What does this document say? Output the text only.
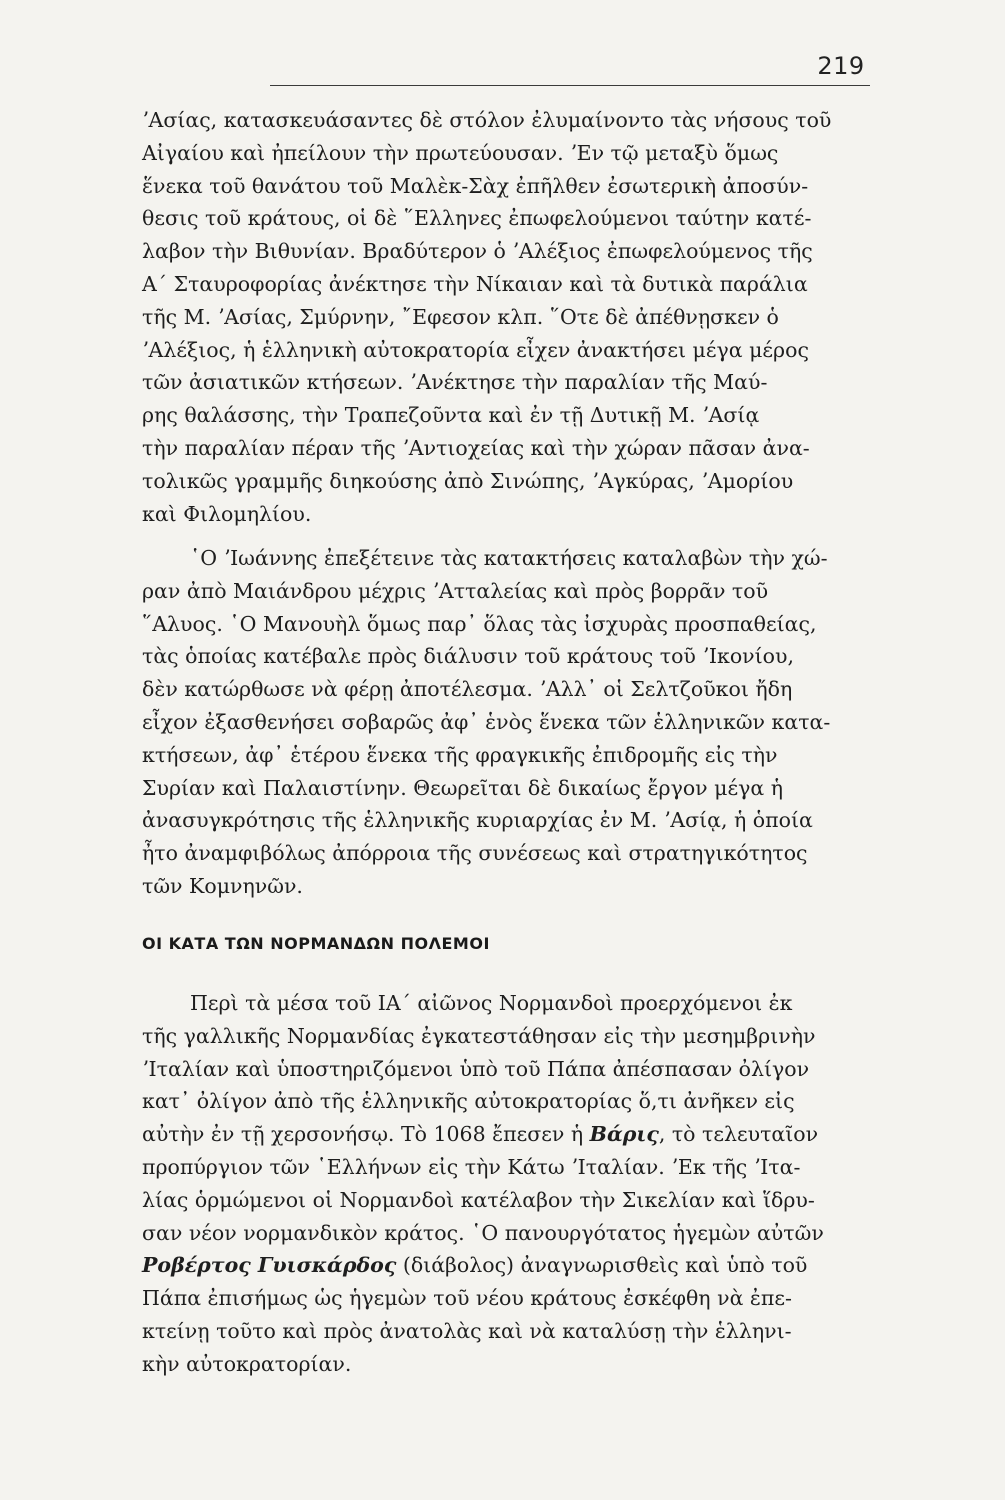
219
ʼΑσίας, κατασκευάσαντες δὲ στόλον ἐλυμαίνοντο τὰς νήσους τοῦ
Αἰγαίου καὶ ἠπείλουν τὴν πρωτεύουσαν. ʼΕν τῷ μεταξὺ ὅμως
ἕνεκα τοῦ θανάτου τοῦ Μαλὲκ-Σὰχ ἐπῆλθεν ἐσωτερικὴ ἀποσύν-
θεσις τοῦ κράτους, οἱ δὲ ῞Ελληνες ἐπωφελούμενοι ταύτην κατέ-
λαβον τὴν Βιθυνίαν. Βραδύτερον ὁ ʼΑλέξιος ἐπωφελούμενος τῆς
Α΄ Σταυροφορίας ἀνέκτησε τὴν Νίκαιαν καὶ τὰ δυτικὰ παράλια
τῆς Μ. ʼΑσίας, Σμύρνην, ῎Εφεσον κλπ. ῞Οτε δὲ ἀπέθνῃσκεν ὁ
ʼΑλέξιος, ἡ ἑλληνικὴ αὐτοκρατορία εἶχεν ἀνακτήσει μέγα μέρος
τῶν ἀσιατικῶν κτήσεων. ʼΑνέκτησε τὴν παραλίαν τῆς Μαύ-
ρης θαλάσσης, τὴν Τραπεζοῦντα καὶ ἐν τῇ Δυτικῇ Μ. ʼΑσίᾳ
τὴν παραλίαν πέραν τῆς ʼΑντιοχείας καὶ τὴν χώραν πᾶσαν ἀνα-
τολικῶς γραμμῆς διηκούσης ἀπὸ Σινώπης, ʼΑγκύρας, ʼΑμορίου
καὶ Φιλομηλίου.
῾Ο ʼΙωάννης ἐπεξέτεινε τὰς κατακτήσεις καταλαβὼν τὴν χώ-
ραν ἀπὸ Μαιάνδρου μέχρις ʼΑτταλείας καὶ πρὸς βορρᾶν τοῦ
῞Αλυος. ῾Ο Μανουὴλ ὅμως παρ᾽ ὅλας τὰς ἰσχυρὰς προσπαθείας,
τὰς ὁποίας κατέβαλε πρὸς διάλυσιν τοῦ κράτους τοῦ ʼΙκονίου,
δὲν κατώρθωσε νὰ φέρῃ ἀποτέλεσμα. ʼΑλλ᾽ οἱ Σελτζοῦκοι ἤδη
εἶχον ἐξασθενήσει σοβαρῶς ἀφ᾽ ἑνὸς ἕνεκα τῶν ἑλληνικῶν κατα-
κτήσεων, ἀφ᾽ ἑτέρου ἕνεκα τῆς φραγκικῆς ἐπιδρομῆς εἰς τὴν
Συρίαν καὶ Παλαιστίνην. Θεωρεῖται δὲ δικαίως ἔργον μέγα ἡ
ἀνασυγκρότησις τῆς ἑλληνικῆς κυριαρχίας ἐν Μ. ʼΑσίᾳ, ἡ ὁποία
ἦτο ἀναμφιβόλως ἀπόρροια τῆς συνέσεως καὶ στρατηγικότητος
τῶν Κομνηνῶν.
ΟΙ ΚΑΤΑ ΤΩΝ ΝΟΡΜΑΝΔΩΝ ΠΟΛΕΜΟΙ
Περὶ τὰ μέσα τοῦ ΙΑ΄ αἰῶνος Νορμανδοὶ προερχόμενοι ἐκ
τῆς γαλλικῆς Νορμανδίας ἐγκατεστάθησαν εἰς τὴν μεσημβρινὴν
ʼΙταλίαν καὶ ὑποστηριζόμενοι ὑπὸ τοῦ Πάπα ἀπέσπασαν ὀλίγον
κατ᾽ ὀλίγον ἀπὸ τῆς ἑλληνικῆς αὐτοκρατορίας ὅ,τι ἀνῆκεν εἰς
αὐτὴν ἐν τῇ χερσονήσῳ. Τὸ 1068 ἔπεσεν ἡ Βάρις, τὸ τελευταῖον
προπύργιον τῶν ῾Ελλήνων εἰς τὴν Κάτω ʼΙταλίαν. ʼΕκ τῆς ʼΙτα-
λίας ὁρμώμενοι οἱ Νορμανδοὶ κατέλαβον τὴν Σικελίαν καὶ ἵδρυ-
σαν νέον νορμανδικὸν κράτος. ῾Ο πανουργότατος ἡγεμὼν αὐτῶν
Ροβέρτος Γυισκάρδος (διάβολος) ἀναγνωρισθεὶς καὶ ὑπὸ τοῦ
Πάπα ἐπισήμως ὡς ἡγεμὼν τοῦ νέου κράτους ἐσκέφθη νὰ ἐπε-
κτείνῃ τοῦτο καὶ πρὸς ἀνατολὰς καὶ νὰ καταλύσῃ τὴν ἑλληνι-
κὴν αὐτοκρατορίαν.
